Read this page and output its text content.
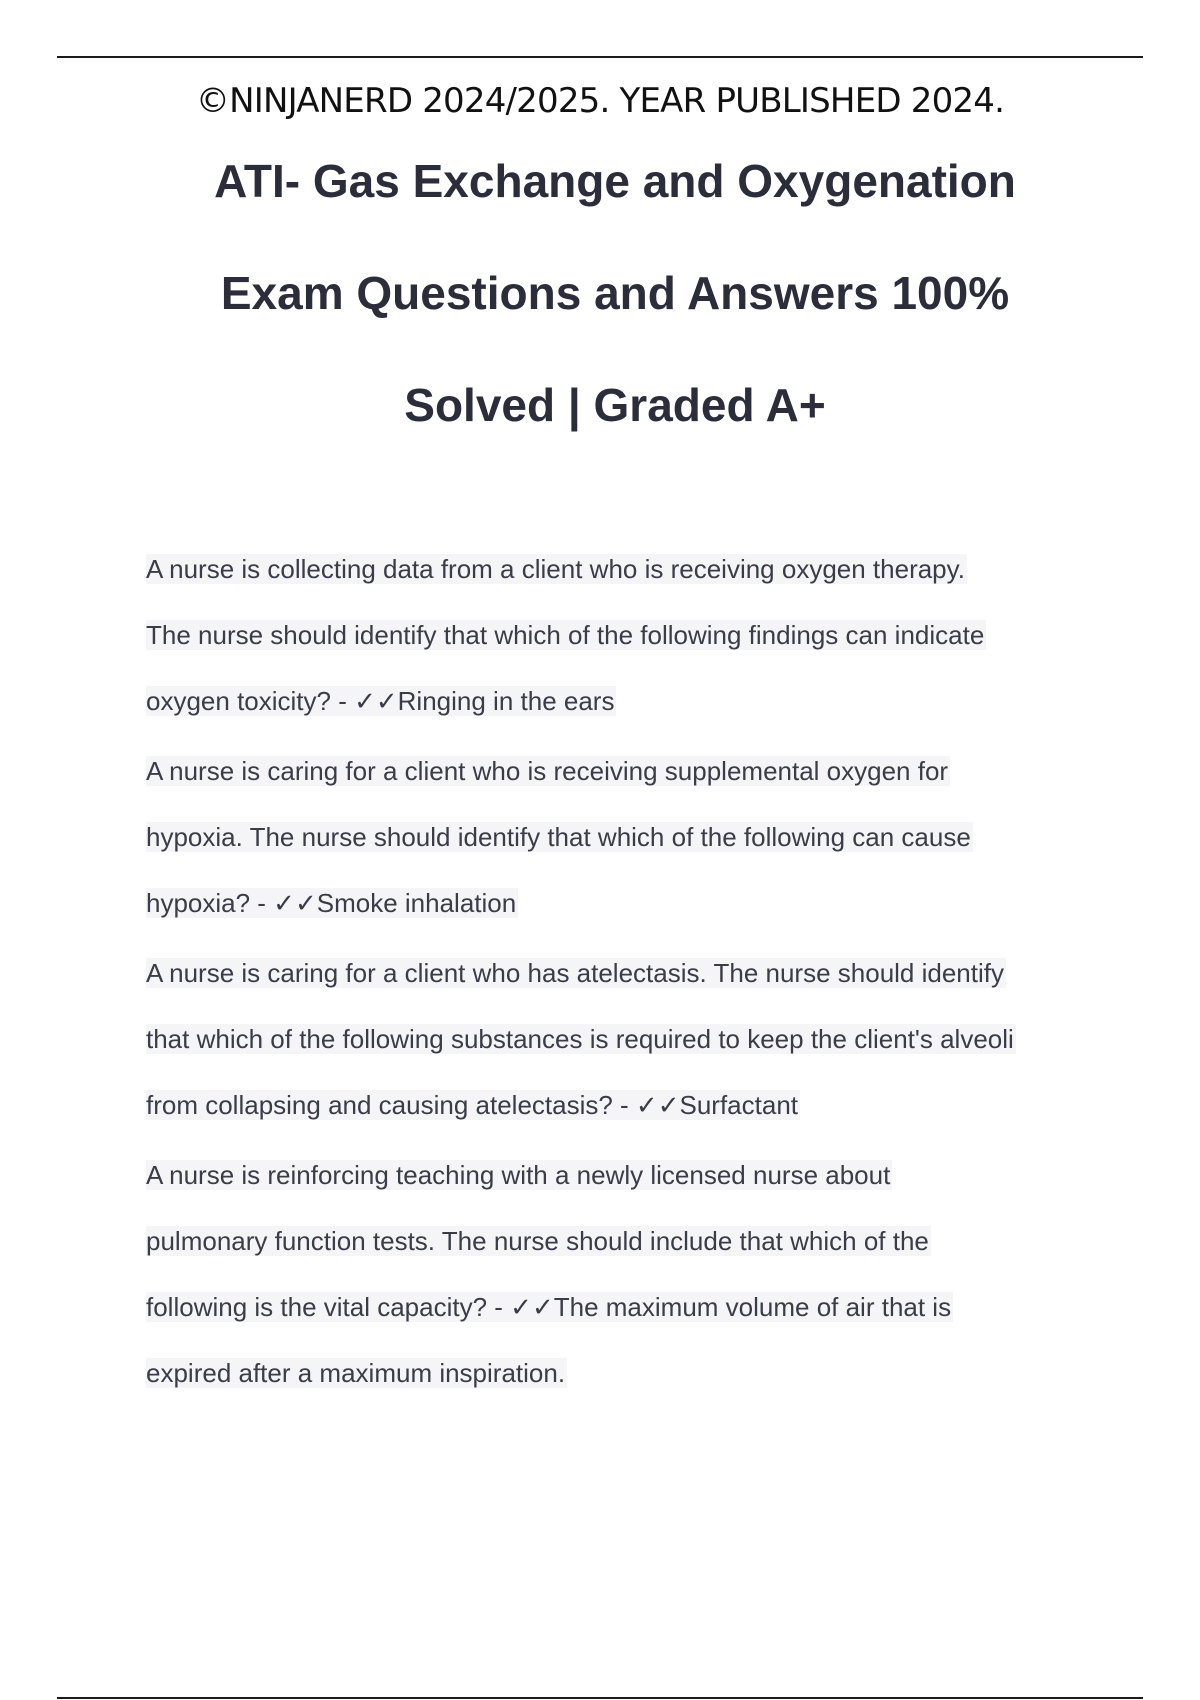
©NINJANERD 2024/2025. YEAR PUBLISHED 2024.
ATI- Gas Exchange and Oxygenation
Exam Questions and Answers 100%
Solved | Graded A+
A nurse is collecting data from a client who is receiving oxygen therapy.
The nurse should identify that which of the following findings can indicate
oxygen toxicity? - ✓✓Ringing in the ears
A nurse is caring for a client who is receiving supplemental oxygen for
hypoxia. The nurse should identify that which of the following can cause
hypoxia? - ✓✓Smoke inhalation
A nurse is caring for a client who has atelectasis. The nurse should identify
that which of the following substances is required to keep the client's alveoli
from collapsing and causing atelectasis? - ✓✓Surfactant
A nurse is reinforcing teaching with a newly licensed nurse about
pulmonary function tests. The nurse should include that which of the
following is the vital capacity? - ✓✓The maximum volume of air that is
expired after a maximum inspiration.
